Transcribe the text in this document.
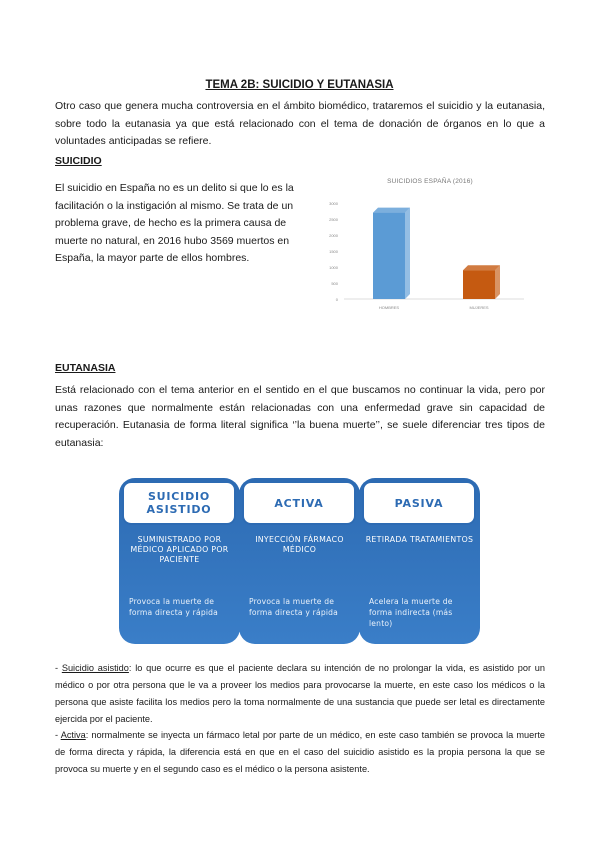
TEMA 2B: SUICIDIO Y EUTANASIA
Otro caso que genera mucha controversia en el ámbito biomédico, trataremos el suicidio y la eutanasia, sobre todo la eutanasia ya que está relacionado con el tema de donación de órganos en lo que a voluntades anticipadas se refiere.
SUICIDIO
El suicidio en España no es un delito si que lo es la facilitación o la instigación al mismo. Se trata de un problema grave, de hecho es la primera causa de muerte no natural, en 2016 hubo 3569 muertos en España, la mayor parte de ellos hombres.
SUICIDIOS ESPAÑA (2016)
0
500
1000
1500
2000
2500
3000
HOMBRES	MUJERES
EUTANASIA
Está relacionado con el tema anterior en el sentido en el que buscamos no continuar la vida, pero por unas razones que normalmente están relacionadas con una enfermedad grave sin capacidad de recuperación. Eutanasia de forma literal significa ‘’la buena muerte’’, se suele diferenciar tres tipos de eutanasia:
SUICIDIO ASISTIDO
SUMINISTRADO POR MÉDICO APLICADO POR PACIENTE
Provoca la muerte de forma directa y rápida
ACTIVA
INYECCIÓN FÁRMACO MÉDICO
Provoca la muerte de forma directa y rápida
PASIVA
RETIRADA TRATAMIENTOS
Acelera la muerte de forma indirecta (más lento)
- Suicidio asistido: lo que ocurre es que el paciente declara su intención de no prolongar la vida, es asistido por un médico o por otra persona que le va a proveer los medios para provocarse la muerte, en este caso los médicos o la persona que asiste facilita los medios pero la toma normalmente de una sustancia que puede ser letal es directamente ejercida por el paciente.
- Activa: normalmente se inyecta un fármaco letal por parte de un médico, en este caso también se provoca la muerte de forma directa y rápida, la diferencia está en que en el caso del suicidio asistido es la propia persona la que se provoca su muerte y en el segundo caso es el médico o la persona asistente.
